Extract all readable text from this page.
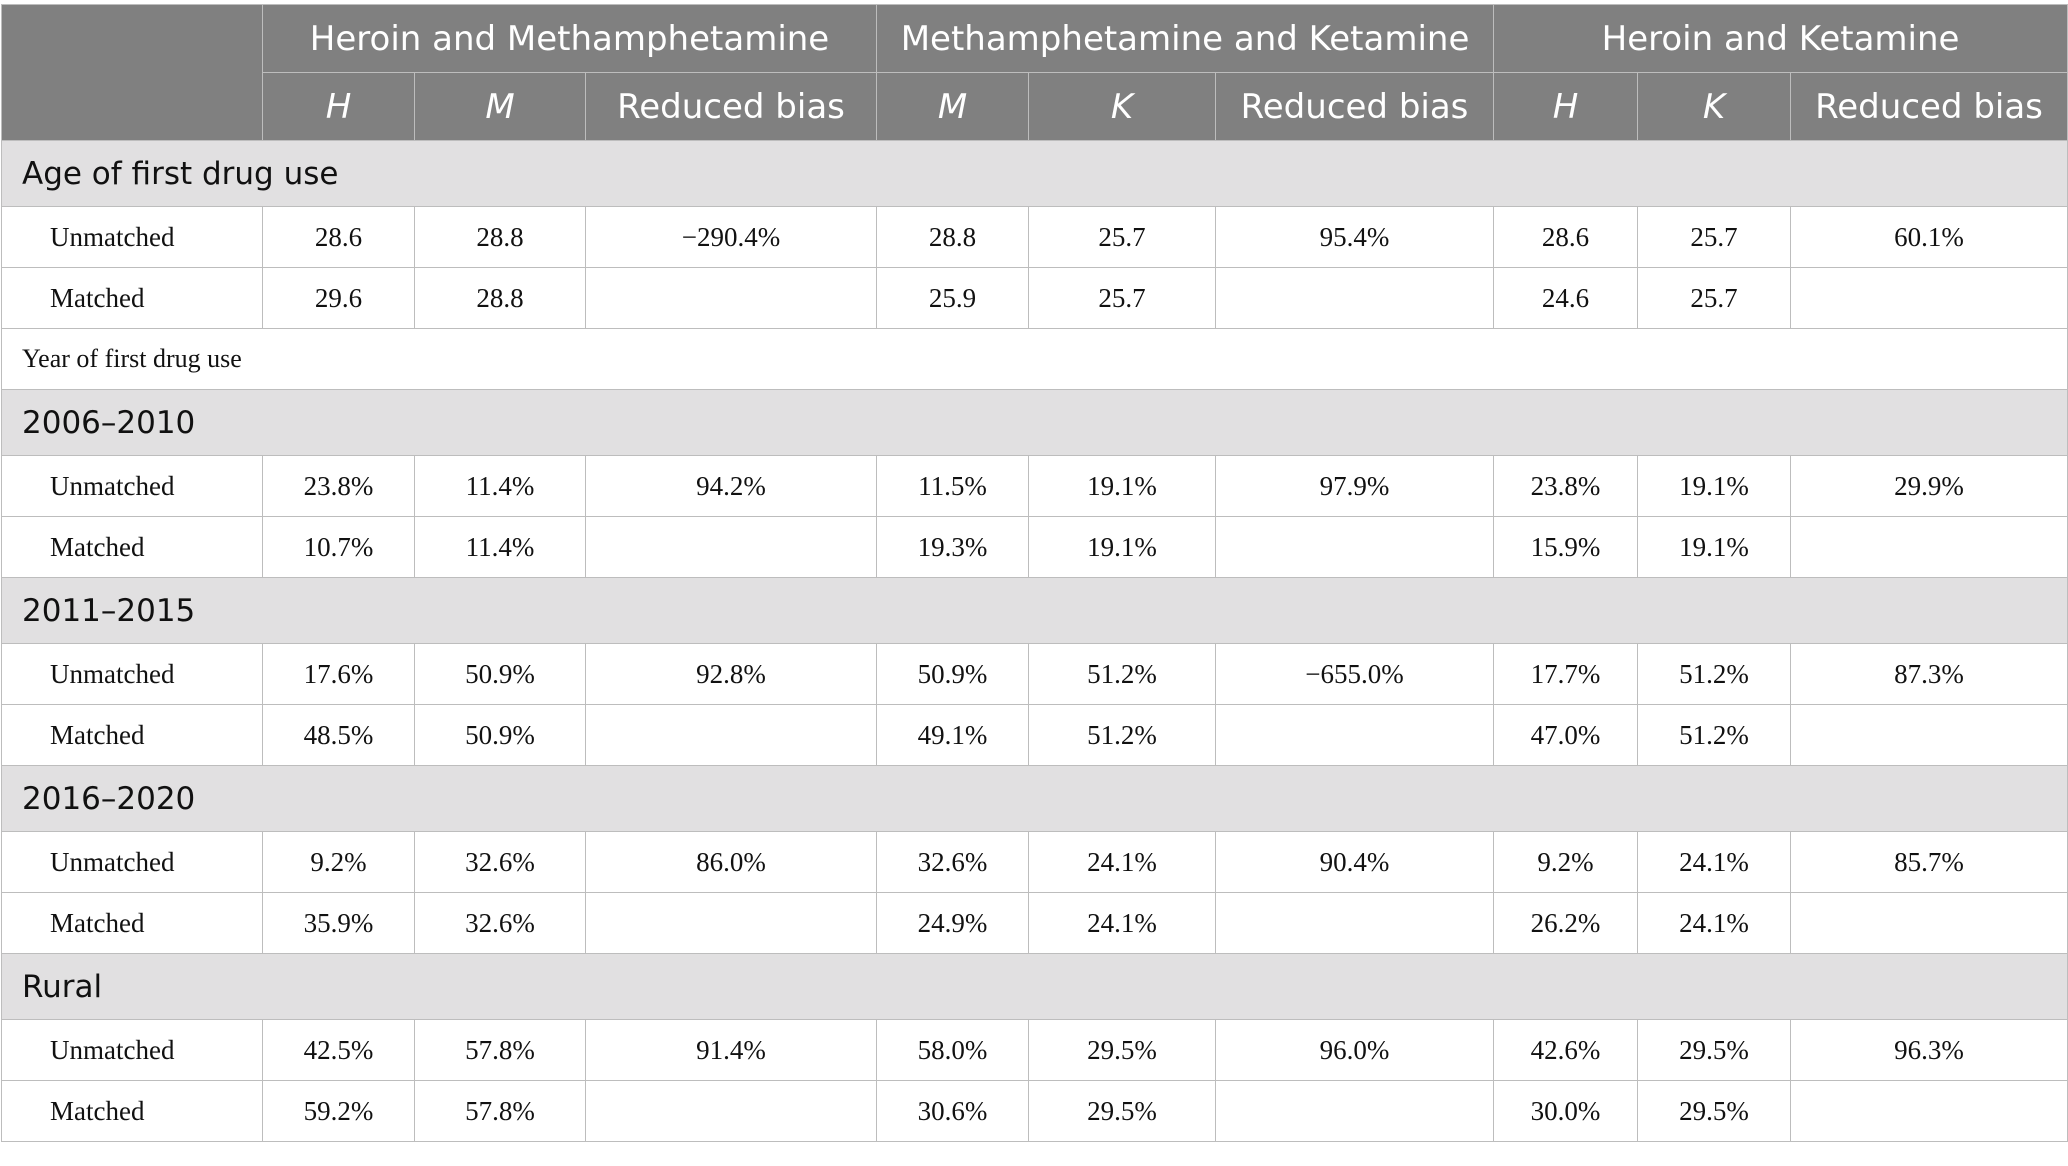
	Heroin and Methamphetamine			Methamphetamine and Ketamine			Heroin and Ketamine		
	H	M	Reduced bias	M	K	Reduced bias	H	K	Reduced bias
Age of first drug use									
Unmatched	28.6	28.8	−290.4%	28.8	25.7	95.4%	28.6	25.7	60.1%
Matched	29.6	28.8		25.9	25.7		24.6	25.7	
Year of first drug use									
2006–2010									
Unmatched	23.8%	11.4%	94.2%	11.5%	19.1%	97.9%	23.8%	19.1%	29.9%
Matched	10.7%	11.4%		19.3%	19.1%		15.9%	19.1%	
2011–2015									
Unmatched	17.6%	50.9%	92.8%	50.9%	51.2%	−655.0%	17.7%	51.2%	87.3%
Matched	48.5%	50.9%		49.1%	51.2%		47.0%	51.2%	
2016–2020									
Unmatched	9.2%	32.6%	86.0%	32.6%	24.1%	90.4%	9.2%	24.1%	85.7%
Matched	35.9%	32.6%		24.9%	24.1%		26.2%	24.1%	
Rural									
Unmatched	42.5%	57.8%	91.4%	58.0%	29.5%	96.0%	42.6%	29.5%	96.3%
Matched	59.2%	57.8%		30.6%	29.5%		30.0%	29.5%	
